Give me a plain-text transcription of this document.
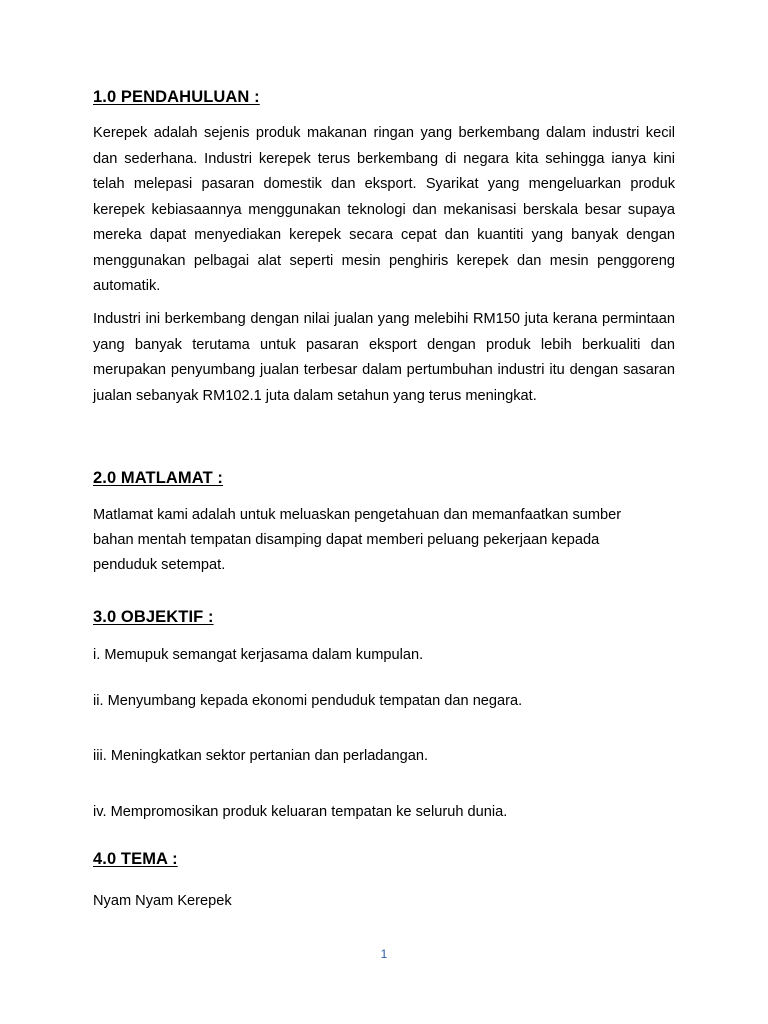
1.0 PENDAHULUAN :

Kerepek adalah sejenis produk makanan ringan yang berkembang dalam industri kecil dan sederhana. Industri kerepek terus berkembang di negara kita sehingga ianya kini telah melepasi pasaran domestik dan eksport. Syarikat yang mengeluarkan produk kerepek kebiasaannya menggunakan teknologi dan mekanisasi berskala besar supaya mereka dapat menyediakan kerepek secara cepat dan kuantiti yang banyak dengan menggunakan pelbagai alat seperti mesin penghiris kerepek dan mesin penggoreng automatik.

Industri ini berkembang dengan nilai jualan yang melebihi RM150 juta kerana permintaan yang banyak terutama untuk pasaran eksport dengan produk lebih berkualiti dan merupakan penyumbang jualan terbesar dalam pertumbuhan industri itu dengan sasaran jualan sebanyak RM102.1 juta dalam setahun yang terus meningkat.

2.0 MATLAMAT :

Matlamat kami adalah untuk meluaskan pengetahuan dan memanfaatkan sumber

bahan mentah tempatan disamping dapat memberi peluang pekerjaan kepada

penduduk setempat.

3.0 OBJEKTIF :

i. Memupuk semangat kerjasama dalam kumpulan.

ii. Menyumbang kepada ekonomi penduduk tempatan dan negara.

iii. Meningkatkan sektor pertanian dan perladangan.

iv. Mempromosikan produk keluaran tempatan ke seluruh dunia.

4.0 TEMA :

Nyam Nyam Kerepek

1
